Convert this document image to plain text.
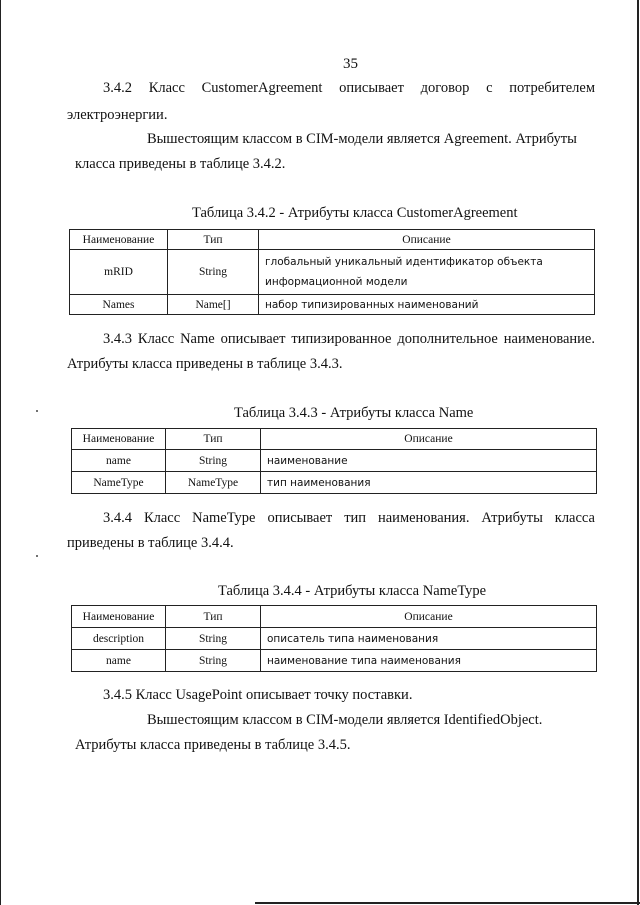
35
3.4.2 Класс CustomerAgreement описывает договор с потребителем
электроэнергии.
Вышестоящим классом в CIM-модели является Agreement. Атрибуты
класса приведены в таблице 3.4.2.
Таблица 3.4.2 - Атрибуты класса CustomerAgreement
Наименование	Тип	Описание
mRID	String	глобальный уникальный идентификатор объекта
информационной модели

Names	Name[]	набор типизированных наименований
3.4.3 Класс Name описывает типизированное дополнительное наименование.
Атрибуты класса приведены в таблице 3.4.3.
Таблица 3.4.3 - Атрибуты класса Name
Наименование	Тип	Описание
name	String	наименование
NameType	NameType	тип наименования
3.4.4 Класс NameType описывает тип наименования. Атрибуты класса
приведены в таблице 3.4.4.
Таблица 3.4.4 - Атрибуты класса NameType
Наименование	Тип	Описание
description	String	описатель типа наименования
name	String	наименование типа наименования
3.4.5 Класс UsagePoint описывает точку поставки.
Вышестоящим классом в CIM-модели является IdentifiedObject.
Атрибуты класса приведены в таблице 3.4.5.
